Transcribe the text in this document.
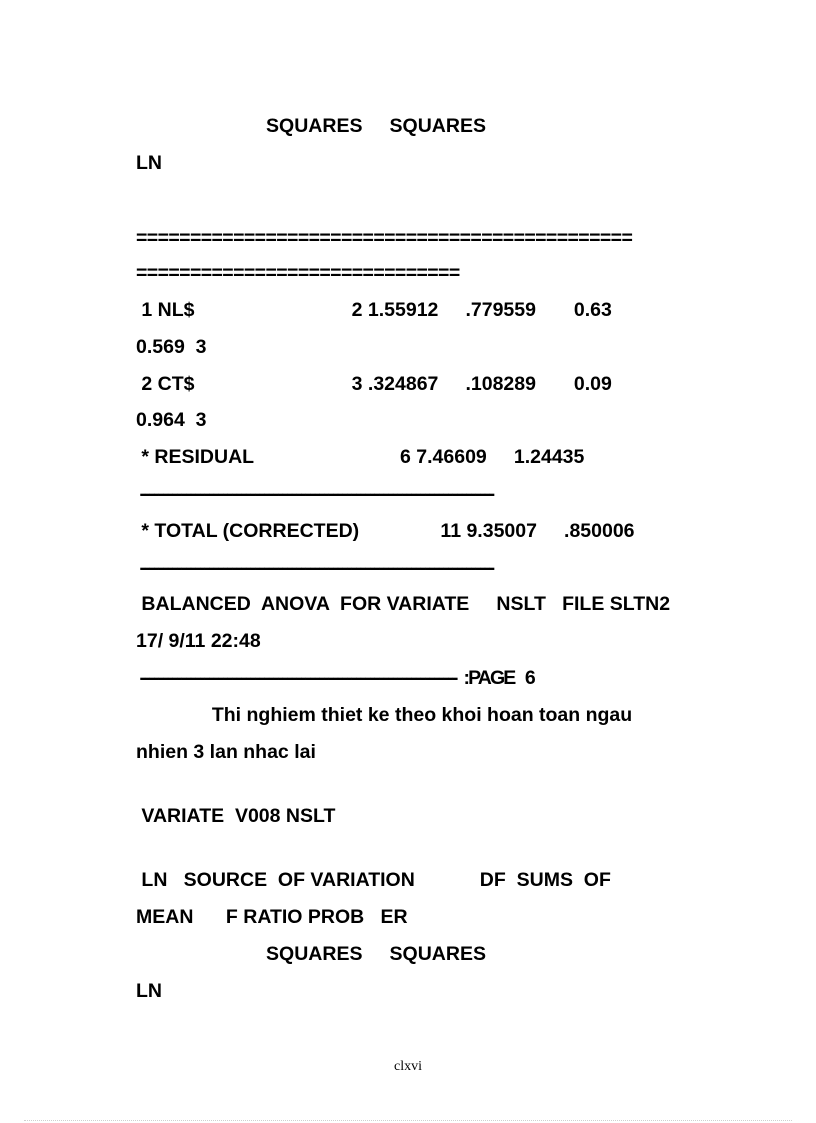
SQUARES     SQUARES
LN
==============================================
==============================
1 NL$                             2 1.55912     .779559       0.63
0.569  3
2 CT$                             3 .324867     .108289       0.09
0.964  3
* RESIDUAL                           6 7.46609     1.24435
-----------------------------------------------------------------------------
* TOTAL (CORRECTED)               11 9.35007     .850006
-----------------------------------------------------------------------------
BALANCED  ANOVA  FOR VARIATE     NSLT   FILE SLTN2
17/ 9/11 22:48
---------------------------------------------------------------------  :PAGE   6
Thi nghiem thiet ke theo khoi hoan toan ngau
nhien 3 lan nhac lai
VARIATE  V008 NSLT
LN   SOURCE  OF VARIATION            DF  SUMS  OF
MEAN      F RATIO PROB   ER
SQUARES     SQUARES
LN
clxvi
